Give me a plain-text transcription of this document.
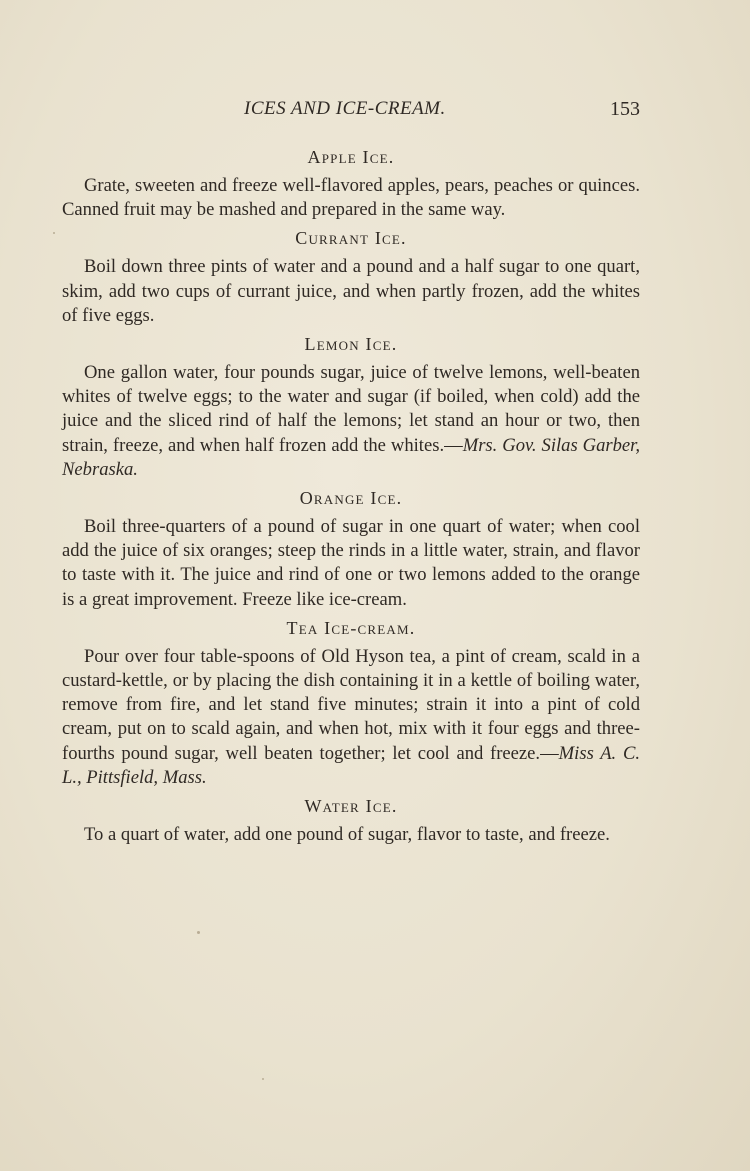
ICES AND ICE-CREAM.	153
Apple Ice.

Grate, sweeten and freeze well-flavored apples, pears, peaches or quinces. Canned fruit may be mashed and prepared in the same way.

Currant Ice.

Boil down three pints of water and a pound and a half sugar to one quart, skim, add two cups of currant juice, and when partly frozen, add the whites of five eggs.

Lemon Ice.

One gallon water, four pounds sugar, juice of twelve lemons, well-beaten whites of twelve eggs; to the water and sugar (if boiled, when cold) add the juice and the sliced rind of half the lemons; let stand an hour or two, then strain, freeze, and when half frozen add the whites.—Mrs. Gov. Silas Garber, Nebraska.

Orange Ice.

Boil three-quarters of a pound of sugar in one quart of water; when cool add the juice of six oranges; steep the rinds in a little water, strain, and flavor to taste with it. The juice and rind of one or two lemons added to the orange is a great improvement. Freeze like ice-cream.

Tea Ice-cream.

Pour over four table-spoons of Old Hyson tea, a pint of cream, scald in a custard-kettle, or by placing the dish containing it in a kettle of boiling water, remove from fire, and let stand five minutes; strain it into a pint of cold cream, put on to scald again, and when hot, mix with it four eggs and three-fourths pound sugar, well beaten together; let cool and freeze.—Miss A. C. L., Pittsfield, Mass.

Water Ice.

To a quart of water, add one pound of sugar, flavor to taste, and freeze.
